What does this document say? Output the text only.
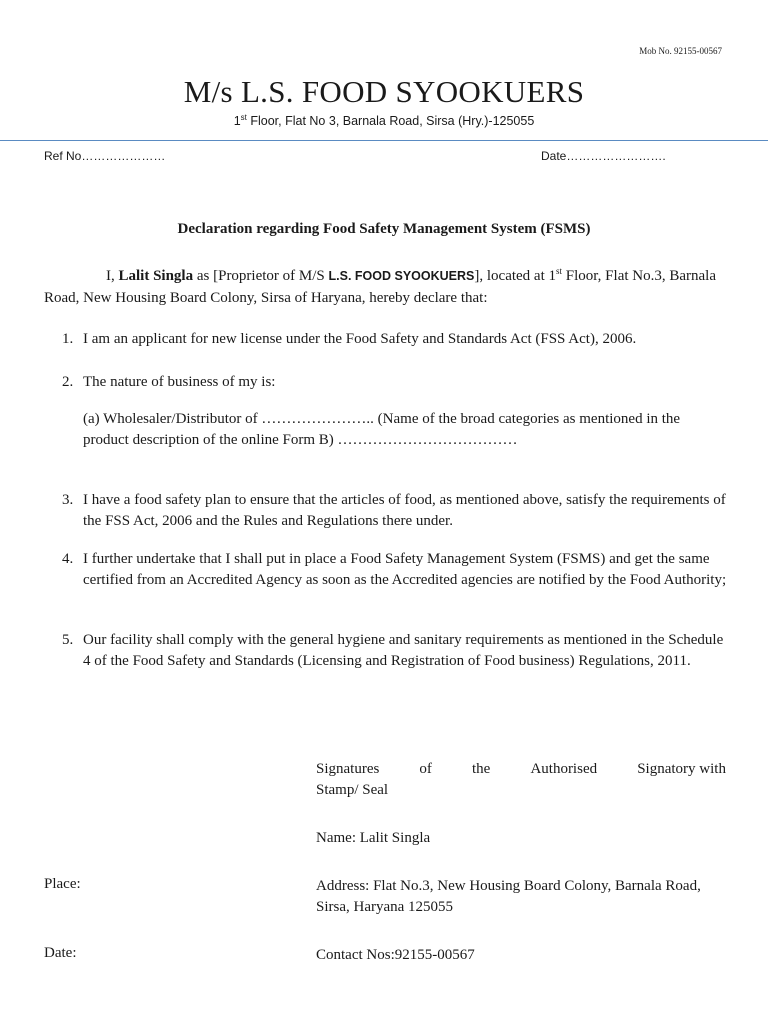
Mob No. 92155-00567
M/s L.S. FOOD SYOOKUERS
1st Floor, Flat No 3, Barnala Road, Sirsa (Hry.)-125055
Ref No…………………	Date…………………….
Declaration regarding Food Safety Management System (FSMS)
I, Lalit Singla as [Proprietor of M/S L.S. FOOD SYOOKUERS], located at 1st Floor, Flat No.3, Barnala Road, New Housing Board Colony, Sirsa of Haryana, hereby declare that:
1. I am an applicant for new license under the Food Safety and Standards Act (FSS Act), 2006.
2. The nature of business of my is:
(a) Wholesaler/Distributor of ………………….. (Name of the broad categories as mentioned in the product description of the online Form B) ………………………………
3. I have a food safety plan to ensure that the articles of food, as mentioned above, satisfy the requirements of the FSS Act, 2006 and the Rules and Regulations there under.
4. I further undertake that I shall put in place a Food Safety Management System (FSMS) and get the same certified from an Accredited Agency as soon as the Accredited agencies are notified by the Food Authority;
5. Our facility shall comply with the general hygiene and sanitary requirements as mentioned in the Schedule 4 of the Food Safety and Standards (Licensing and Registration of Food business) Regulations, 2011.
Signatures	of	the	Authorised	Signatory with
Stamp/ Seal
Name: Lalit Singla
Place:	Address: Flat No.3, New Housing Board Colony, Barnala Road, Sirsa, Haryana 125055
Date:	Contact Nos:92155-00567
